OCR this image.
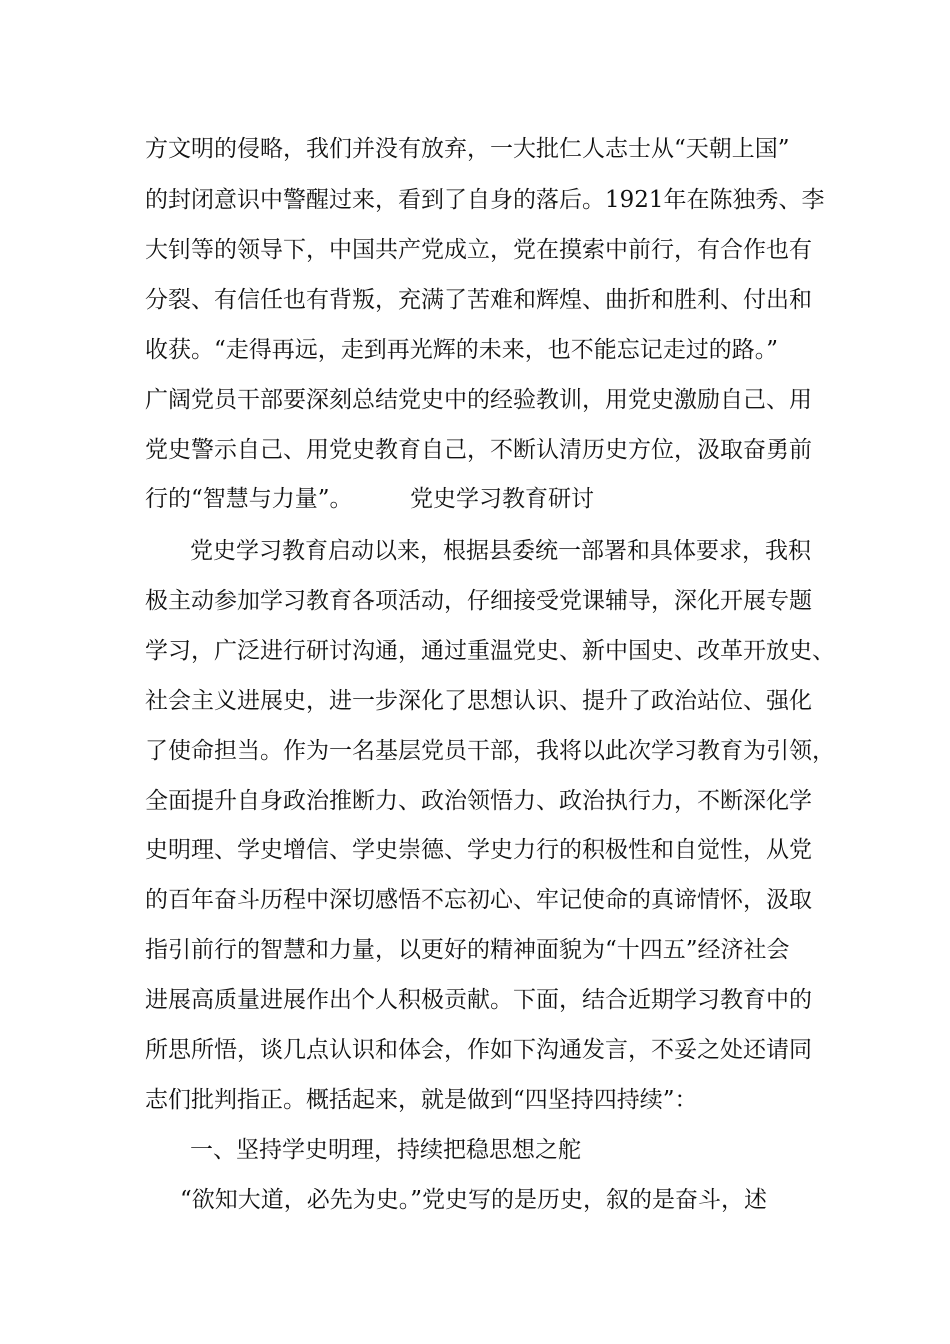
方文明的侵略，我们并没有放弃，一大批仁人志士从“天朝上国”
的封闭意识中警醒过来，看到了自身的落后。1921年在陈独秀、李
大钊等的领导下，中国共产党成立，党在摸索中前行，有合作也有
分裂、有信任也有背叛，充满了苦难和辉煌、曲折和胜利、付出和
收获。“走得再远，走到再光辉的未来，也不能忘记走过的路。”
广阔党员干部要深刻总结党史中的经验教训，用党史激励自己、用
党史警示自己、用党史教育自己，不断认清历史方位，汲取奋勇前
行的“智慧与力量”。　　　党史学习教育研讨
党史学习教育启动以来，根据县委统一部署和具体要求，我积
极主动参加学习教育各项活动，仔细接受党课辅导，深化开展专题
学习，广泛进行研讨沟通，通过重温党史、新中国史、改革开放史、
社会主义进展史，进一步深化了思想认识、提升了政治站位、强化
了使命担当。作为一名基层党员干部，我将以此次学习教育为引领，
全面提升自身政治推断力、政治领悟力、政治执行力，不断深化学
史明理、学史增信、学史崇德、学史力行的积极性和自觉性，从党
的百年奋斗历程中深切感悟不忘初心、牢记使命的真谛情怀，汲取
指引前行的智慧和力量，以更好的精神面貌为“十四五”经济社会
进展高质量进展作出个人积极贡献。下面，结合近期学习教育中的
所思所悟，谈几点认识和体会，作如下沟通发言，不妥之处还请同
志们批判指正。概括起来，就是做到“四坚持四持续”：
一、坚持学史明理，持续把稳思想之舵
“欲知大道，必先为史。”党史写的是历史，叙的是奋斗，述
